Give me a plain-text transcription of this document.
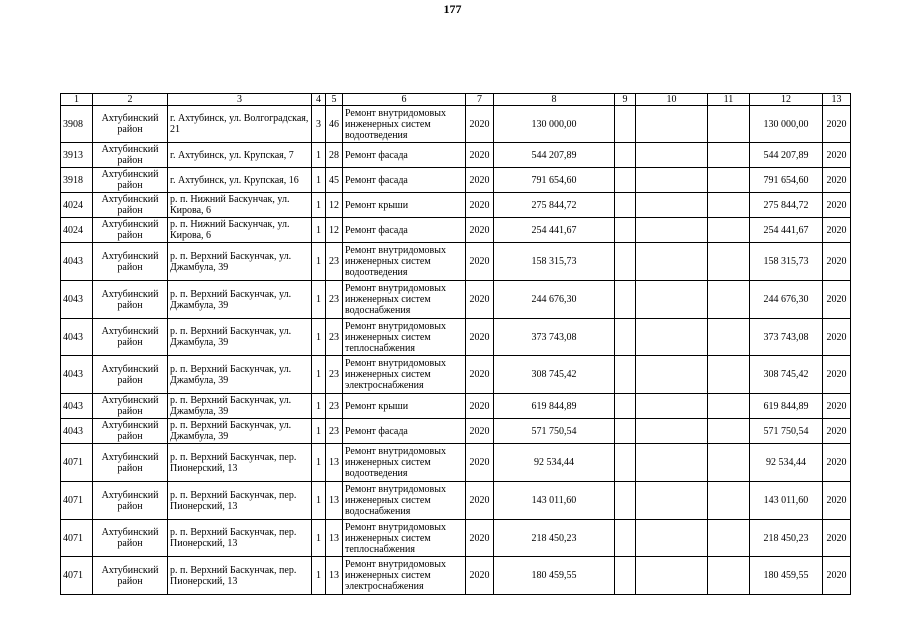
177
1	2	3	4	5	6	7	8	9	10	11	12	13
3908	Ахтубинский район	г. Ахтубинск, ул. Волгоградская, 21	3	46	Ремонт внутридомовых инженерных систем водоотведения	2020	130 000,00				130 000,00	2020
3913	Ахтубинский район	г. Ахтубинск, ул. Крупская, 7	1	28	Ремонт фасада	2020	544 207,89				544 207,89	2020
3918	Ахтубинский район	г. Ахтубинск, ул. Крупская, 16	1	45	Ремонт фасада	2020	791 654,60				791 654,60	2020
4024	Ахтубинский район	р. п. Нижний Баскунчак, ул. Кирова, 6	1	12	Ремонт крыши	2020	275 844,72				275 844,72	2020
4024	Ахтубинский район	р. п. Нижний Баскунчак, ул. Кирова, 6	1	12	Ремонт фасада	2020	254 441,67				254 441,67	2020
4043	Ахтубинский район	р. п. Верхний Баскунчак, ул. Джамбула, 39	1	23	Ремонт внутридомовых инженерных систем водоотведения	2020	158 315,73				158 315,73	2020
4043	Ахтубинский район	р. п. Верхний Баскунчак, ул. Джамбула, 39	1	23	Ремонт внутридомовых инженерных систем водоснабжения	2020	244 676,30				244 676,30	2020
4043	Ахтубинский район	р. п. Верхний Баскунчак, ул. Джамбула, 39	1	23	Ремонт внутридомовых инженерных систем теплоснабжения	2020	373 743,08				373 743,08	2020
4043	Ахтубинский район	р. п. Верхний Баскунчак, ул. Джамбула, 39	1	23	Ремонт внутридомовых инженерных систем электроснабжения	2020	308 745,42				308 745,42	2020
4043	Ахтубинский район	р. п. Верхний Баскунчак, ул. Джамбула, 39	1	23	Ремонт крыши	2020	619 844,89				619 844,89	2020
4043	Ахтубинский район	р. п. Верхний Баскунчак, ул. Джамбула, 39	1	23	Ремонт фасада	2020	571 750,54				571 750,54	2020
4071	Ахтубинский район	р. п. Верхний Баскунчак, пер. Пионерский, 13	1	13	Ремонт внутридомовых инженерных систем водоотведения	2020	92 534,44				92 534,44	2020
4071	Ахтубинский район	р. п. Верхний Баскунчак, пер. Пионерский, 13	1	13	Ремонт внутридомовых инженерных систем водоснабжения	2020	143 011,60				143 011,60	2020
4071	Ахтубинский район	р. п. Верхний Баскунчак, пер. Пионерский, 13	1	13	Ремонт внутридомовых инженерных систем теплоснабжения	2020	218 450,23				218 450,23	2020
4071	Ахтубинский район	р. п. Верхний Баскунчак, пер. Пионерский, 13	1	13	Ремонт внутридомовых инженерных систем электроснабжения	2020	180 459,55				180 459,55	2020
